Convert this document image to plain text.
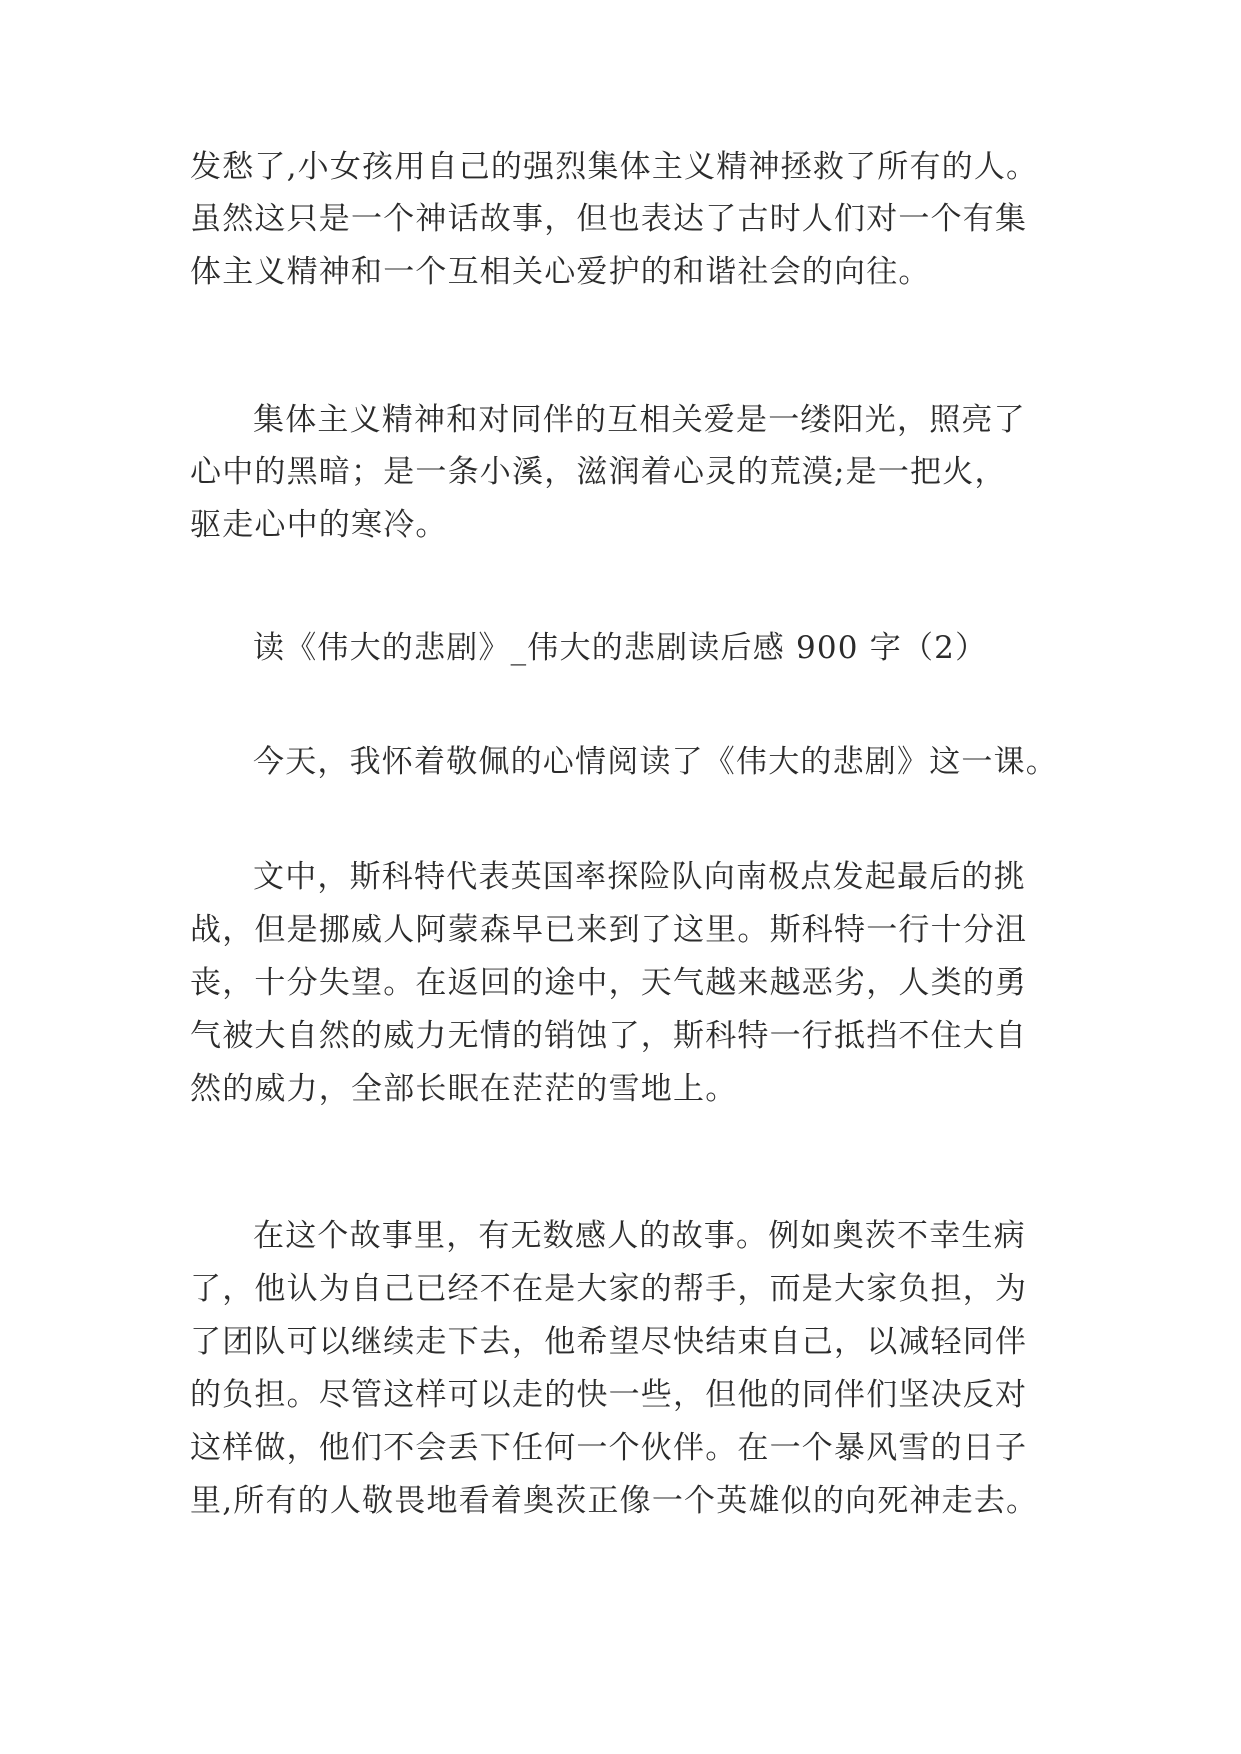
发愁了,小女孩用自己的强烈集体主义精神拯救了所有的人。
虽然这只是一个神话故事，但也表达了古时人们对一个有集
体主义精神和一个互相关心爱护的和谐社会的向往。
集体主义精神和对同伴的互相关爱是一缕阳光，照亮了
心中的黑暗；是一条小溪，滋润着心灵的荒漠;是一把火，
驱走心中的寒冷。
读《伟大的悲剧》_伟大的悲剧读后感 900 字（2）
今天，我怀着敬佩的心情阅读了《伟大的悲剧》这一课。
文中，斯科特代表英国率探险队向南极点发起最后的挑
战，但是挪威人阿蒙森早已来到了这里。斯科特一行十分沮
丧，十分失望。在返回的途中，天气越来越恶劣，人类的勇
气被大自然的威力无情的销蚀了，斯科特一行抵挡不住大自
然的威力，全部长眠在茫茫的雪地上。
在这个故事里，有无数感人的故事。例如奥茨不幸生病
了，他认为自己已经不在是大家的帮手，而是大家负担，为
了团队可以继续走下去，他希望尽快结束自己，以减轻同伴
的负担。尽管这样可以走的快一些，但他的同伴们坚决反对
这样做，他们不会丢下任何一个伙伴。在一个暴风雪的日子
里,所有的人敬畏地看着奥茨正像一个英雄似的向死神走去。
